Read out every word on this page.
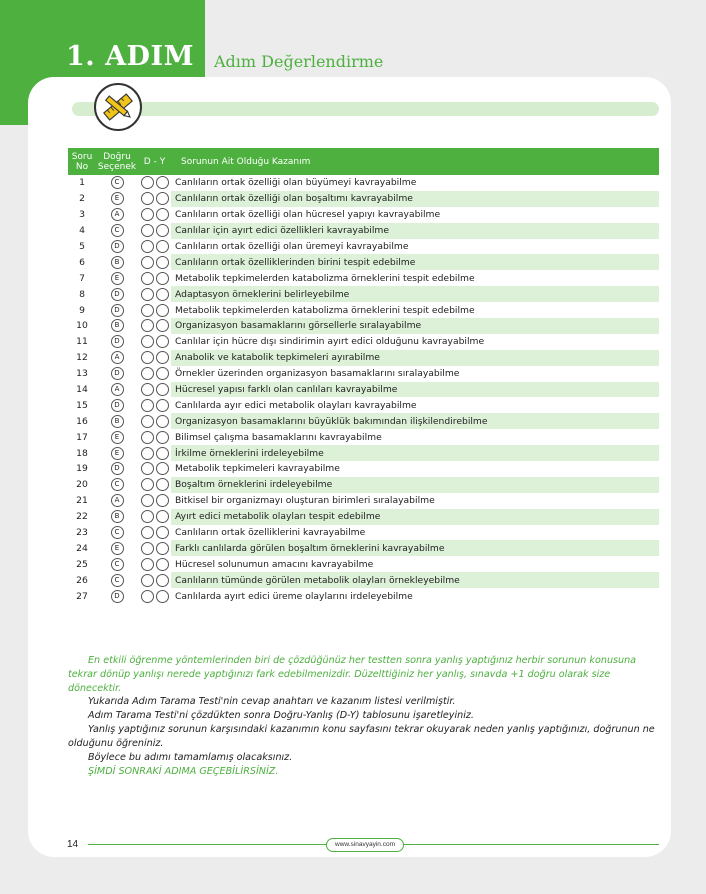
1. ADIM Adım Değerlendirme
Soru No	Doğru Seçenek	D - Y	Sorunun Ait Olduğu Kazanım
1	C		Canlıların ortak özelliği olan büyümeyi kavrayabilme
2	E		Canlıların ortak özelliği olan boşaltımı kavrayabilme
3	A		Canlıların ortak özelliği olan hücresel yapıyı kavrayabilme
4	C		Canlılar için ayırt edici özellikleri kavrayabilme
5	D		Canlıların ortak özelliği olan üremeyi kavrayabilme
6	B		Canlıların ortak özelliklerinden birini tespit edebilme
7	E		Metabolik tepkimelerden katabolizma örneklerini tespit edebilme
8	D		Adaptasyon örneklerini belirleyebilme
9	D		Metabolik tepkimelerden katabolizma örneklerini tespit edebilme
10	B		Organizasyon basamaklarını görsellerle sıralayabilme
11	D		Canlılar için hücre dışı sindirimin ayırt edici olduğunu kavrayabilme
12	A		Anabolik ve katabolik tepkimeleri ayırabilme
13	D		Örnekler üzerinden organizasyon basamaklarını sıralayabilme
14	A		Hücresel yapısı farklı olan canlıları kavrayabilme
15	D		Canlılarda ayır edici metabolik olayları kavrayabilme
16	B		Organizasyon basamaklarını büyüklük bakımından ilişkilendirebilme
17	E		Bilimsel çalışma basamaklarını kavrayabilme
18	E		İrkilme örneklerini irdeleyebilme
19	D		Metabolik tepkimeleri kavrayabilme
20	C		Boşaltım örneklerini irdeleyebilme
21	A		Bitkisel bir organizmayı oluşturan birimleri sıralayabilme
22	B		Ayırt edici metabolik olayları tespit edebilme
23	C		Canlıların ortak özelliklerini kavrayabilme
24	E		Farklı canlılarda görülen boşaltım örneklerini kavrayabilme
25	C		Hücresel solunumun amacını kavrayabilme
26	C		Canlıların tümünde görülen metabolik olayları örnekleyebilme
27	D		Canlılarda ayırt edici üreme olaylarını irdeleyebilme

En etkili öğrenme yöntemlerinden biri de çözdüğünüz her testten sonra yanlış yaptığınız herbir sorunun konusuna tekrar dönüp yanlışı nerede yaptığınızı fark edebilmenizdir. Düzelttiğiniz her yanlış, sınavda +1 doğru olarak size dönecektir.

Yukarıda Adım Tarama Testi'nin cevap anahtarı ve kazanım listesi verilmiştir.

Adım Tarama Testi'ni çözdükten sonra Doğru-Yanlış (D-Y) tablosunu işaretleyiniz.

Yanlış yaptığınız sorunun karşısındaki kazanımın konu sayfasını tekrar okuyarak neden yanlış yaptığınızı, doğrunun ne olduğunu öğreniniz.

Böylece bu adımı tamamlamış olacaksınız.

ŞİMDİ SONRAKİ ADIMA GEÇEBİLİRSİNİZ.

14	www.sinavyayin.com
